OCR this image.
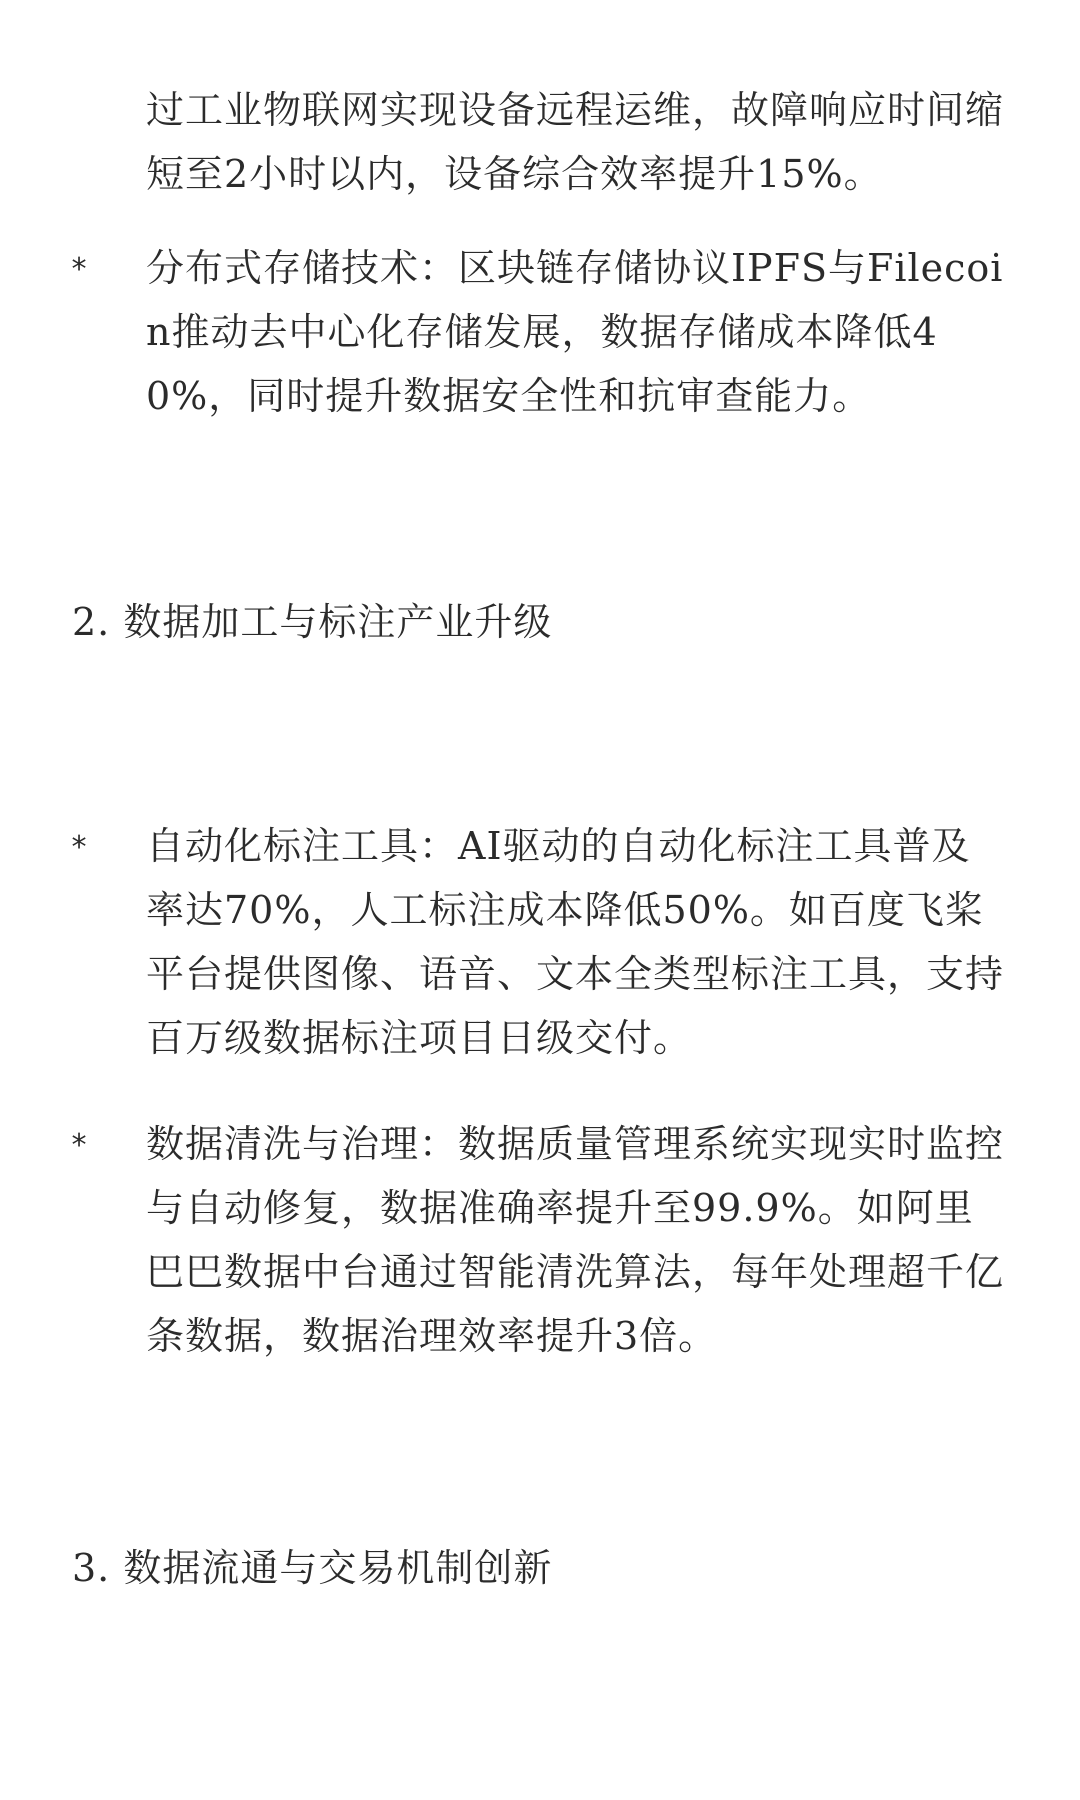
过工业物联网实现设备远程运维，故障响应时间缩短至2小时以内，设备综合效率提升15%。

* 分布式存储技术：区块链存储协议IPFS与Filecoin推动去中心化存储发展，数据存储成本降低40%，同时提升数据安全性和抗审查能力。

2. 数据加工与标注产业升级
* 自动化标注工具：AI驱动的自动化标注工具普及率达70%，人工标注成本降低50%。如百度飞桨平台提供图像、语音、文本全类型标注工具，支持百万级数据标注项目日级交付。

* 数据清洗与治理：数据质量管理系统实现实时监控与自动修复，数据准确率提升至99.9%。如阿里巴巴数据中台通过智能清洗算法，每年处理超千亿条数据，数据治理效率提升3倍。

3. 数据流通与交易机制创新
